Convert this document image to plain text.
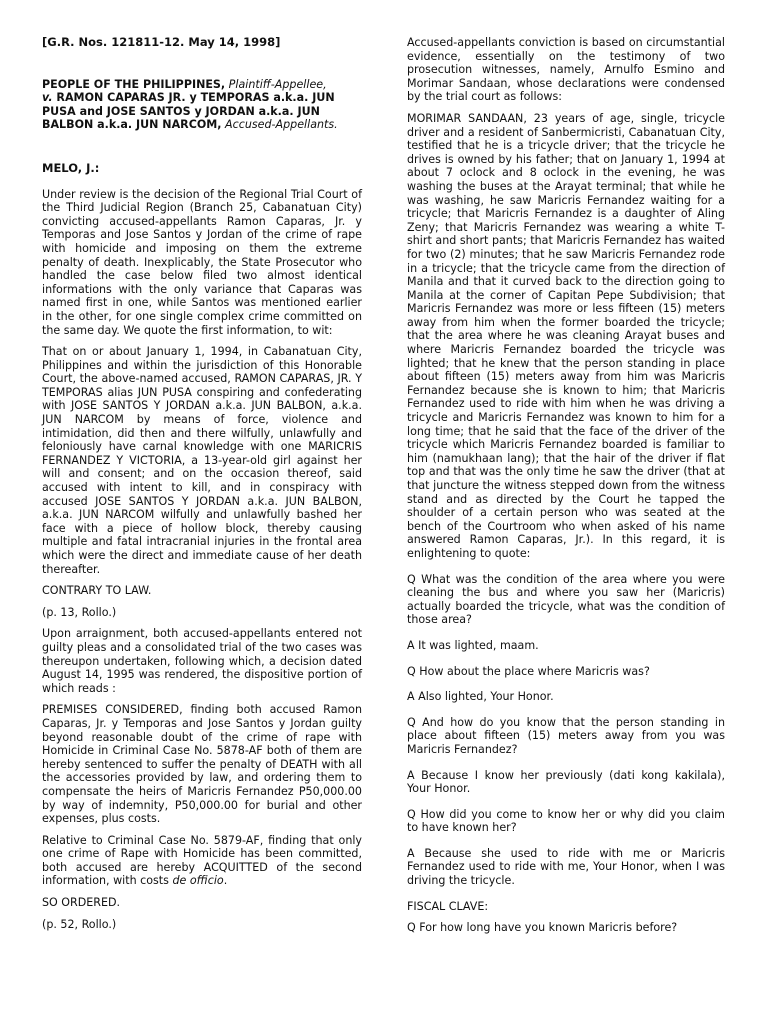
[G.R. Nos. 121811-12. May 14, 1998]

PEOPLE OF THE PHILIPPINES, Plaintiff-Appellee,
v. RAMON CAPARAS JR. y TEMPORAS a.k.a. JUN PUSA and JOSE SANTOS y JORDAN a.k.a. JUN BALBON a.k.a. JUN NARCOM, Accused-Appellants.

MELO, J.:

Under review is the decision of the Regional Trial Court of the Third Judicial Region (Branch 25, Cabanatuan City) convicting accused-appellants Ramon Caparas, Jr. y Temporas and Jose Santos y Jordan of the crime of rape with homicide and imposing on them the extreme penalty of death. Inexplicably, the State Prosecutor who handled the case below filed two almost identical informations with the only variance that Caparas was named first in one, while Santos was mentioned earlier in the other, for one single complex crime committed on the same day. We quote the first information, to wit:

That on or about January 1, 1994, in Cabanatuan City, Philippines and within the jurisdiction of this Honorable Court, the above-named accused, RAMON CAPARAS, JR. Y TEMPORAS alias JUN PUSA conspiring and confederating with JOSE SANTOS Y JORDAN a.k.a. JUN BALBON, a.k.a. JUN NARCOM by means of force, violence and intimidation, did then and there wilfully, unlawfully and feloniously have carnal knowledge with one MARICRIS FERNANDEZ Y VICTORIA, a 13-year-old girl against her will and consent; and on the occasion thereof, said accused with intent to kill, and in conspiracy with accused JOSE SANTOS Y JORDAN a.k.a. JUN BALBON, a.k.a. JUN NARCOM wilfully and unlawfully bashed her face with a piece of hollow block, thereby causing multiple and fatal intracranial injuries in the frontal area which were the direct and immediate cause of her death thereafter.

CONTRARY TO LAW.

(p. 13, Rollo.)

Upon arraignment, both accused-appellants entered not guilty pleas and a consolidated trial of the two cases was thereupon undertaken, following which, a decision dated August 14, 1995 was rendered, the dispositive portion of which reads :

PREMISES CONSIDERED, finding both accused Ramon Caparas, Jr. y Temporas and Jose Santos y Jordan guilty beyond reasonable doubt of the crime of rape with Homicide in Criminal Case No. 5878-AF both of them are hereby sentenced to suffer the penalty of DEATH with all the accessories provided by law, and ordering them to compensate the heirs of Maricris Fernandez P50,000.00 by way of indemnity, P50,000.00 for burial and other expenses, plus costs.

Relative to Criminal Case No. 5879-AF, finding that only one crime of Rape with Homicide has been committed, both accused are hereby ACQUITTED of the second information, with costs de officio.

SO ORDERED.

(p. 52, Rollo.)

Accused-appellants conviction is based on circumstantial evidence, essentially on the testimony of two prosecution witnesses, namely, Arnulfo Esmino and Morimar Sandaan, whose declarations were condensed by the trial court as follows:

MORIMAR SANDAAN, 23 years of age, single, tricycle driver and a resident of Sanbermicristi, Cabanatuan City, testified that he is a tricycle driver; that the tricycle he drives is owned by his father; that on January 1, 1994 at about 7 oclock and 8 oclock in the evening, he was washing the buses at the Arayat terminal; that while he was washing, he saw Maricris Fernandez waiting for a tricycle; that Maricris Fernandez is a daughter of Aling Zeny; that Maricris Fernandez was wearing a white T-shirt and short pants; that Maricris Fernandez has waited for two (2) minutes; that he saw Maricris Fernandez rode in a tricycle; that the tricycle came from the direction of Manila and that it curved back to the direction going to Manila at the corner of Capitan Pepe Subdivision; that Maricris Fernandez was more or less fifteen (15) meters away from him when the former boarded the tricycle; that the area where he was cleaning Arayat buses and where Maricris Fernandez boarded the tricycle was lighted; that he knew that the person standing in place about fifteen (15) meters away from him was Maricris Fernandez because she is known to him; that Maricris Fernandez used to ride with him when he was driving a tricycle and Maricris Fernandez was known to him for a long time; that he said that the face of the driver of the tricycle which Maricris Fernandez boarded is familiar to him (namukhaan lang); that the hair of the driver if flat top and that was the only time he saw the driver (that at that juncture the witness stepped down from the witness stand and as directed by the Court he tapped the shoulder of a certain person who was seated at the bench of the Courtroom who when asked of his name answered Ramon Caparas, Jr.). In this regard, it is enlightening to quote:

Q What was the condition of the area where you were cleaning the bus and where you saw her (Maricris) actually boarded the tricycle, what was the condition of those area?

A It was lighted, maam.

Q How about the place where Maricris was?

A Also lighted, Your Honor.

Q And how do you know that the person standing in place about fifteen (15) meters away from you was Maricris Fernandez?

A Because I know her previously (dati kong kakilala), Your Honor.

Q How did you come to know her or why did you claim to have known her?

A Because she used to ride with me or Maricris Fernandez used to ride with me, Your Honor, when I was driving the tricycle.

FISCAL CLAVE:

Q For how long have you known Maricris before?
